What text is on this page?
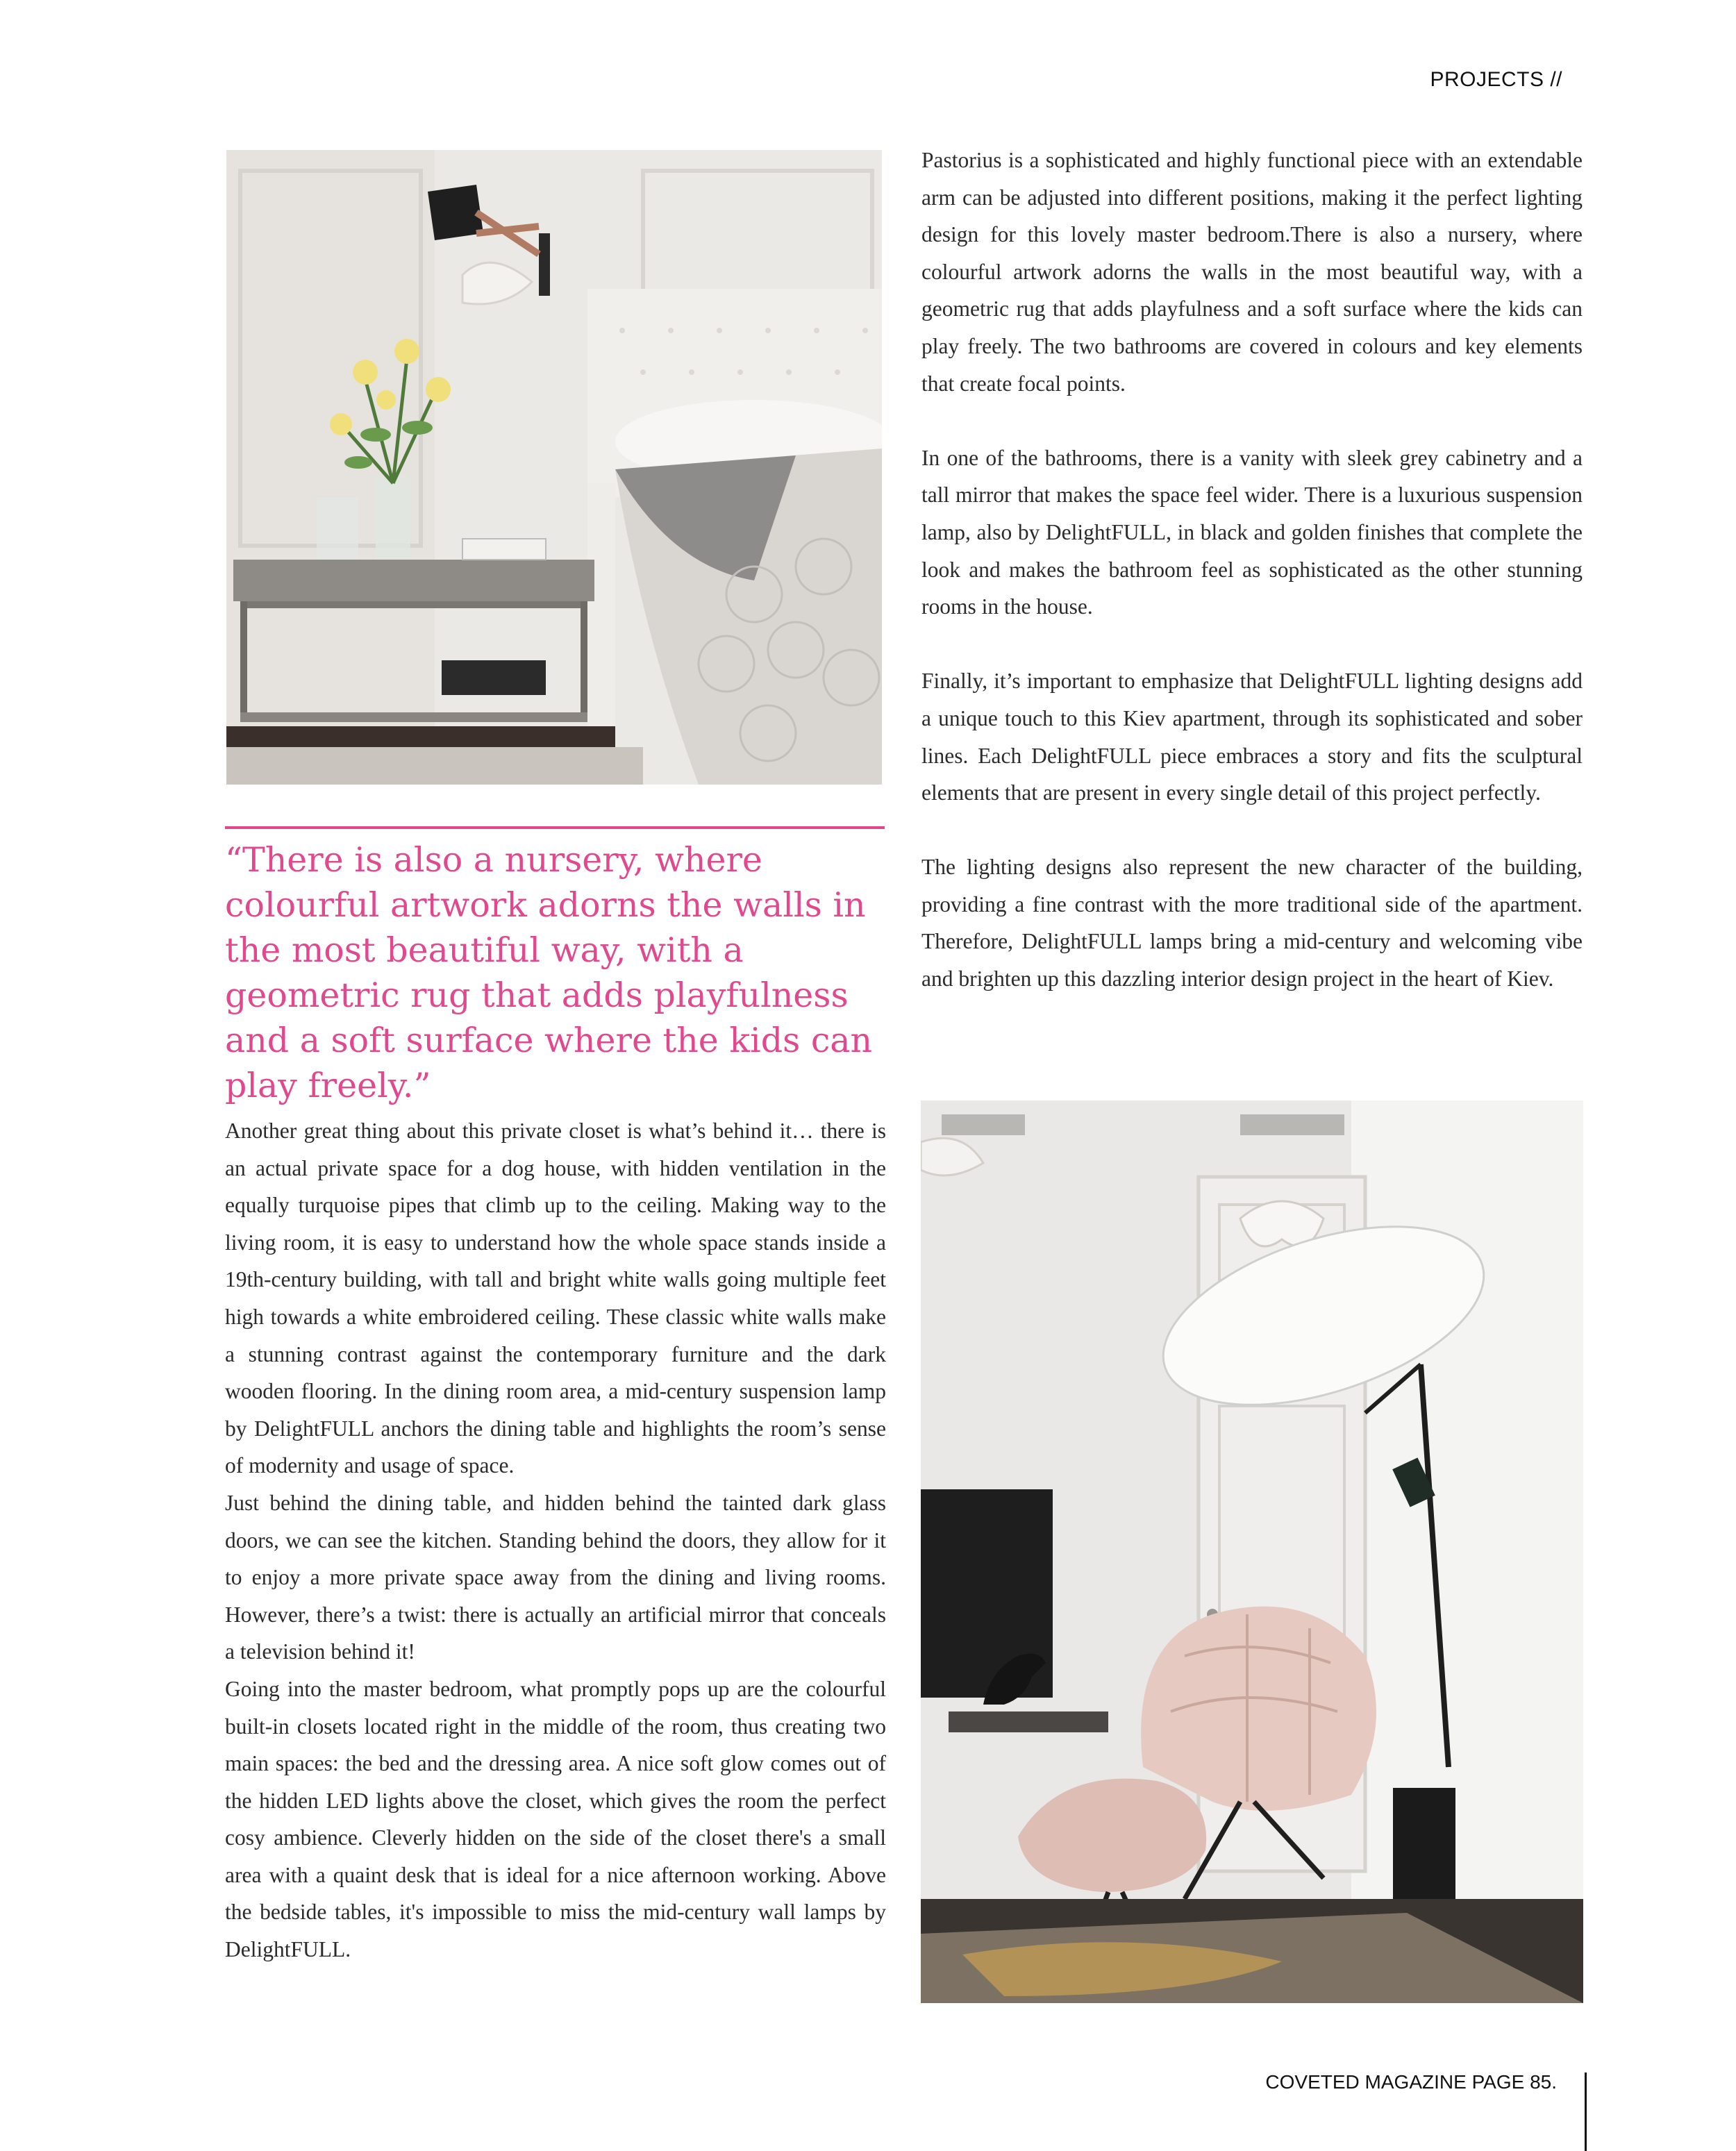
PROJECTS //
“There is also a nursery, where colourful artwork adorns the walls in the most beautiful way, with a geometric rug that adds playfulness and a soft surface where the kids can play freely.”

Pastorius is a sophisticated and highly functional piece with an extendable arm can be adjusted into different positions, making it the perfect lighting design for this lovely master bedroom.There is also a nursery, where colourful artwork adorns the walls in the most beautiful way, with a geometric rug that adds playfulness and a soft surface where the kids can play freely. The two bathrooms are covered in colours and key elements that create focal points.

In one of the bathrooms, there is a vanity with sleek grey cabinetry and a tall mirror that makes the space feel wider. There is a luxurious suspension lamp, also by DelightFULL, in black and golden finishes that complete the look and makes the bathroom feel as sophisticated as the other stunning rooms in the house.

Finally, it’s important to emphasize that DelightFULL lighting designs add a unique touch to this Kiev apartment, through its sophisticated and sober lines. Each DelightFULL piece embraces a story and fits the sculptural elements that are present in every single detail of this project perfectly.

The lighting designs also represent the new character of the building, providing a fine contrast with the more traditional side of the apartment. Therefore, DelightFULL lamps bring a mid-century and welcoming vibe and brighten up this dazzling interior design project in the heart of Kiev.

Another great thing about this private closet is what’s behind it… there is an actual private space for a dog house, with hidden ventilation in the equally turquoise pipes that climb up to the ceiling. Making way to the living room, it is easy to understand how the whole space stands inside a 19th-century building, with tall and bright white walls going multiple feet high towards a white embroidered ceiling. These classic white walls make a stunning contrast against the contemporary furniture and the dark wooden flooring. In the dining room area, a mid-century suspension lamp by DelightFULL anchors the dining table and highlights the room’s sense of modernity and usage of space.

Just behind the dining table, and hidden behind the tainted dark glass doors, we can see the kitchen. Standing behind the doors, they allow for it to enjoy a more private space away from the dining and living rooms. However, there’s a twist: there is actually an artificial mirror that conceals a television behind it!

Going into the master bedroom, what promptly pops up are the colourful built-in closets located right in the middle of the room, thus creating two main spaces: the bed and the dressing area. A nice soft glow comes out of the hidden LED lights above the closet, which gives the room the perfect cosy ambience. Cleverly hidden on the side of the closet there's a small area with a quaint desk that is ideal for a nice afternoon working. Above the bedside tables, it's impossible to miss the mid-century wall lamps by DelightFULL.

COVETED MAGAZINE PAGE 85.
